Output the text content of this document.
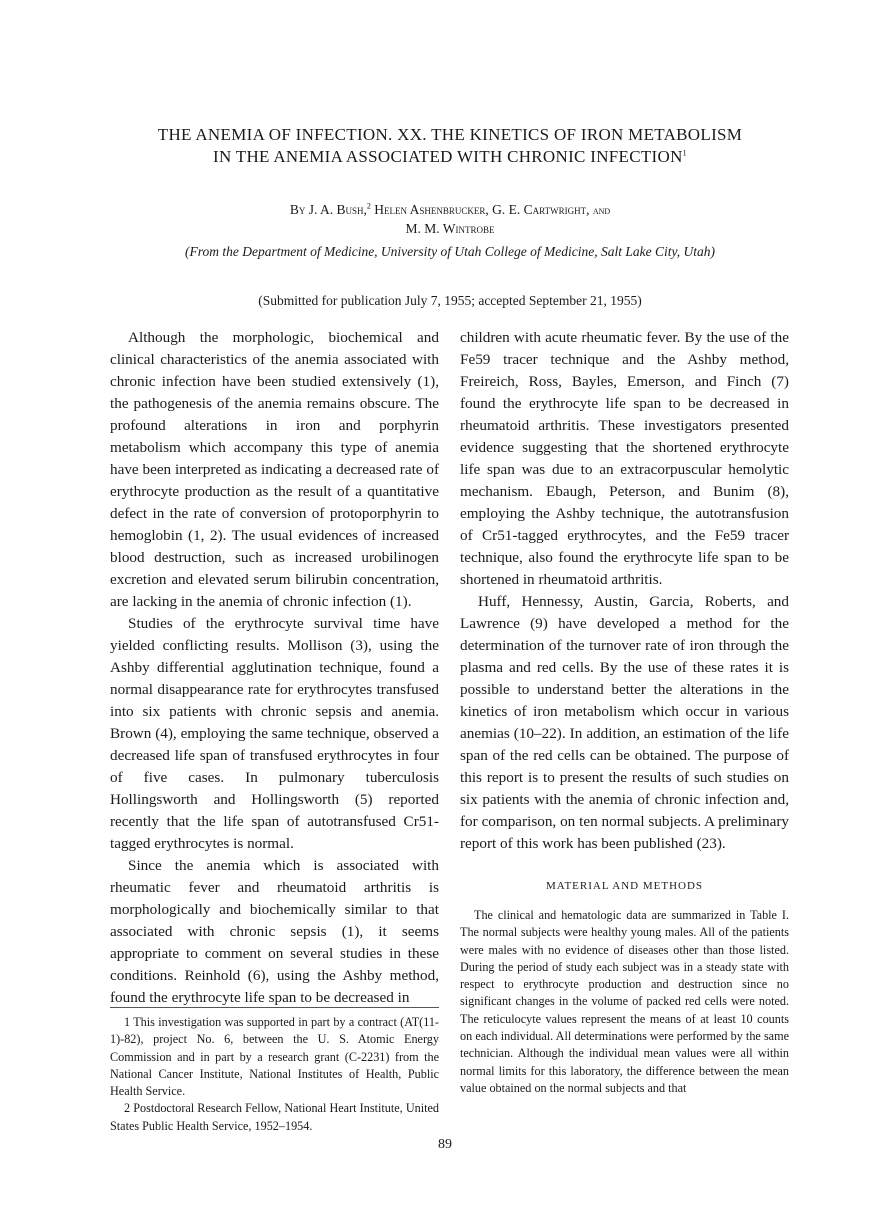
THE ANEMIA OF INFECTION. XX. THE KINETICS OF IRON METABOLISM IN THE ANEMIA ASSOCIATED WITH CHRONIC INFECTION$^1$
By J. A. Bush,$^2$ Helen Ashenbrucker, G. E. Cartwright, and
M. M. Wintrobe
(From the Department of Medicine, University of Utah College of Medicine, Salt Lake City, Utah)
(Submitted for publication July 7, 1955; accepted September 21, 1955)

Although the morphologic, biochemical and clinical characteristics of the anemia associated with chronic infection have been studied extensively (1), the pathogenesis of the anemia remains obscure. The profound alterations in iron and porphyrin metabolism which accompany this type of anemia have been interpreted as indicating a decreased rate of erythrocyte production as the result of a quantitative defect in the rate of conversion of protoporphyrin to hemoglobin (1, 2). The usual evidences of increased blood destruction, such as increased urobilinogen excretion and elevated serum bilirubin concentration, are lacking in the anemia of chronic infection (1).

Studies of the erythrocyte survival time have yielded conflicting results. Mollison (3), using the Ashby differential agglutination technique, found a normal disappearance rate for erythrocytes transfused into six patients with chronic sepsis and anemia. Brown (4), employing the same technique, observed a decreased life span of transfused erythrocytes in four of five cases. In pulmonary tuberculosis Hollingsworth and Hollingsworth (5) reported recently that the life span of autotransfused Cr51-tagged erythrocytes is normal.

Since the anemia which is associated with rheumatic fever and rheumatoid arthritis is morphologically and biochemically similar to that associated with chronic sepsis (1), it seems appropriate to comment on several studies in these conditions. Reinhold (6), using the Ashby method, found the erythrocyte life span to be decreased in

1 This investigation was supported in part by a contract (AT(11-1)-82), project No. 6, between the U. S. Atomic Energy Commission and in part by a research grant (C-2231) from the National Cancer Institute, National Institutes of Health, Public Health Service.

2 Postdoctoral Research Fellow, National Heart Institute, United States Public Health Service, 1952–1954.

children with acute rheumatic fever. By the use of the Fe59 tracer technique and the Ashby method, Freireich, Ross, Bayles, Emerson, and Finch (7) found the erythrocyte life span to be decreased in rheumatoid arthritis. These investigators presented evidence suggesting that the shortened erythrocyte life span was due to an extracorpuscular hemolytic mechanism. Ebaugh, Peterson, and Bunim (8), employing the Ashby technique, the autotransfusion of Cr51-tagged erythrocytes, and the Fe59 tracer technique, also found the erythrocyte life span to be shortened in rheumatoid arthritis.

Huff, Hennessy, Austin, Garcia, Roberts, and Lawrence (9) have developed a method for the determination of the turnover rate of iron through the plasma and red cells. By the use of these rates it is possible to understand better the alterations in the kinetics of iron metabolism which occur in various anemias (10–22). In addition, an estimation of the life span of the red cells can be obtained. The purpose of this report is to present the results of such studies on six patients with the anemia of chronic infection and, for comparison, on ten normal subjects. A preliminary report of this work has been published (23).

MATERIAL AND METHODS

The clinical and hematologic data are summarized in Table I. The normal subjects were healthy young males. All of the patients were males with no evidence of diseases other than those listed. During the period of study each subject was in a steady state with respect to erythrocyte production and destruction since no significant changes in the volume of packed red cells were noted. The reticulocyte values represent the means of at least 10 counts on each individual. All determinations were performed by the same technician. Although the individual mean values were all within normal limits for this laboratory, the difference between the mean value obtained on the normal subjects and that

89
